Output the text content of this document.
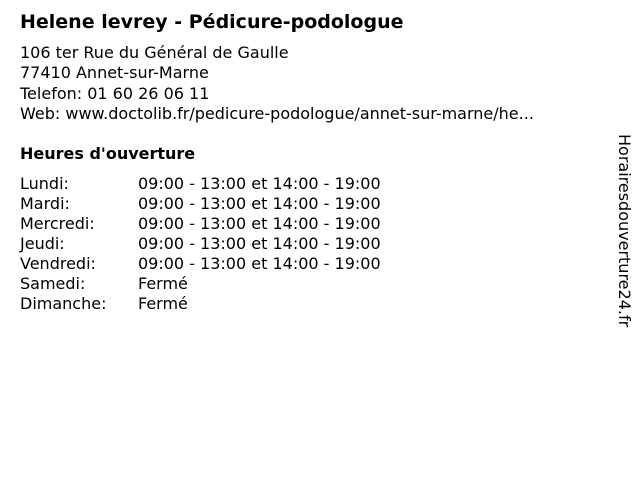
Helene levrey - Pédicure-podologue
106 ter Rue du Général de Gaulle
77410 Annet-sur-Marne
Telefon: 01 60 26 06 11
Web: www.doctolib.fr/pedicure-podologue/annet-sur-marne/he...
Heures d'ouverture
Lundi:	09:00 - 13:00 et 14:00 - 19:00
Mardi:	09:00 - 13:00 et 14:00 - 19:00
Mercredi:	09:00 - 13:00 et 14:00 - 19:00
Jeudi:	09:00 - 13:00 et 14:00 - 19:00
Vendredi:	09:00 - 13:00 et 14:00 - 19:00
Samedi:	Fermé
Dimanche:	Fermé	Horairesdouverture24.fr
